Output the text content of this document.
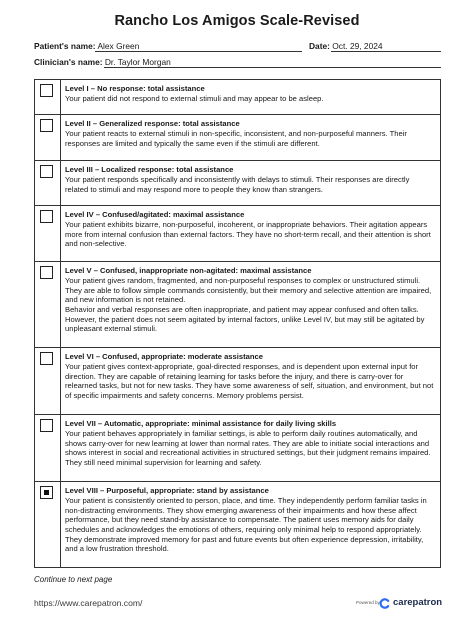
Rancho Los Amigos Scale-Revised
Patient's name: Alex Green	Date: Oct. 29, 2024
Clinician's name: Dr. Taylor Morgan
Level I – No response: total assistance

Your patient did not respond to external stimuli and may appear to be asleep.

Level II – Generalized response: total assistance

Your patient reacts to external stimuli in non-specific, inconsistent, and non-purposeful manners. Their responses are limited and typically the same even if the stimuli are different.

Level III – Localized response: total assistance

Your patient responds specifically and inconsistently with delays to stimuli. Their responses are directly related to stimuli and may respond more to people they know than strangers.

Level IV – Confused/agitated: maximal assistance

Your patient exhibits bizarre, non-purposeful, incoherent, or inappropriate behaviors. Their agitation appears more from internal confusion than external factors. They have no short-term recall, and their attention is short and non-selective.

Level V – Confused, inappropriate non-agitated: maximal assistance

Your patient gives random, fragmented, and non-purposeful responses to complex or unstructured stimuli. They are able to follow simple commands consistently, but their memory and selective attention are impaired, and new information is not retained.

Behavior and verbal responses are often inappropriate, and patient may appear confused and often talks. However, the patient does not seem agitated by internal factors, unlike Level IV, but may still be agitated by unpleasant external stimuli.

Level VI – Confused, appropriate: moderate assistance

Your patient gives context-appropriate, goal-directed responses, and is dependent upon external input for direction. They are capable of retaining learning for tasks before the injury, and there is carry-over for relearned tasks, but not for new tasks. They have some awareness of self, situation, and environment, but not of specific impairments and safety concerns. Memory problems persist.

Level VII – Automatic, appropriate: minimal assistance for daily living skills

Your patient behaves appropriately in familiar settings, is able to perform daily routines automatically, and shows carry-over for new learning at lower than normal rates. They are able to initiate social interactions and shows interest in social and recreational activities in structured settings, but their judgment remains impaired. They still need minimal supervision for learning and safety.

Level VIII – Purposeful, appropriate: stand by assistance

Your patient is consistently oriented to person, place, and time. They independently perform familiar tasks in non-distracting environments. They show emerging awareness of their impairments and how these affect performance, but they need stand-by assistance to compensate. The patient uses memory aids for daily schedules and acknowledges the emotions of others, requiring only minimal help to respond appropriately. They demonstrate improved memory for past and future events but often experience depression, irritability, and a low frustration threshold.

Continue to next page
https://www.carepatron.com/	Powered by carepatron
